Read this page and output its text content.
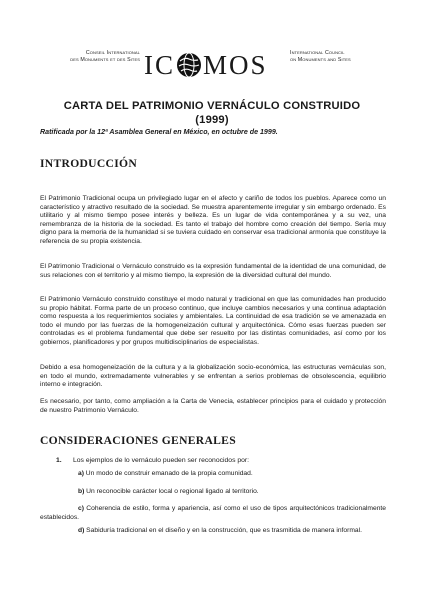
Conseil International
des Monuments et des Sites IC MOS	International Council
on Monuments and Sites
CARTA DEL PATRIMONIO VERNÁCULO CONSTRUIDO
(1999)
Ratificada por la 12ª Asamblea General en México, en octubre de 1999.
INTRODUCCIÓN
El Patrimonio Tradicional ocupa un privilegiado lugar en el afecto y cariño de todos los pueblos. Aparece como un característico y atractivo resultado de la sociedad. Se muestra aparentemente irregular y sin embargo ordenado. Es utilitario y al mismo tiempo posee interés y belleza. Es un lugar de vida contemporánea y a su vez, una remembranza de la historia de la sociedad. Es tanto el trabajo del hombre como creación del tiempo. Sería muy digno para la memoria de la humanidad si se tuviera cuidado en conservar esa tradicional armonía que constituye la referencia de su propia existencia.
El Patrimonio Tradicional o Vernáculo construido es la expresión fundamental de la identidad de una comunidad, de sus relaciones con el territorio y al mismo tiempo, la expresión de la diversidad cultural del mundo.
El Patrimonio Vernáculo construido constituye el modo natural y tradicional en que las comunidades han producido su propio hábitat. Forma parte de un proceso continuo, que incluye cambios necesarios y una continua adaptación como respuesta a los requerimientos sociales y ambientales. La continuidad de esa tradición se ve amenazada en todo el mundo por las fuerzas de la homogeneización cultural y arquitectónica. Cómo esas fuerzas pueden ser controladas es el problema fundamental que debe ser resuelto por las distintas comunidades, así como por los gobiernos, planificadores y por grupos multidisciplinarios de especialistas.
Debido a esa homogeneización de la cultura y a la globalización socio-económica, las estructuras vernáculas son, en todo el mundo, extremadamente vulnerables y se enfrentan a serios problemas de obsolescencia, equilibrio interno e integración.
Es necesario, por tanto, como ampliación a la Carta de Venecia, establecer principios para el cuidado y protección de nuestro Patrimonio Vernáculo.
CONSIDERACIONES GENERALES
1. Los ejemplos de lo vernáculo pueden ser reconocidos por:
a) Un modo de construir emanado de la propia comunidad.
b) Un reconocible carácter local o regional ligado al territorio.
c) Coherencia de estilo, forma y apariencia, así como el uso de tipos arquitectónicos tradicionalmente establecidos.
d) Sabiduría tradicional en el diseño y en la construcción, que es trasmitida de manera informal.
